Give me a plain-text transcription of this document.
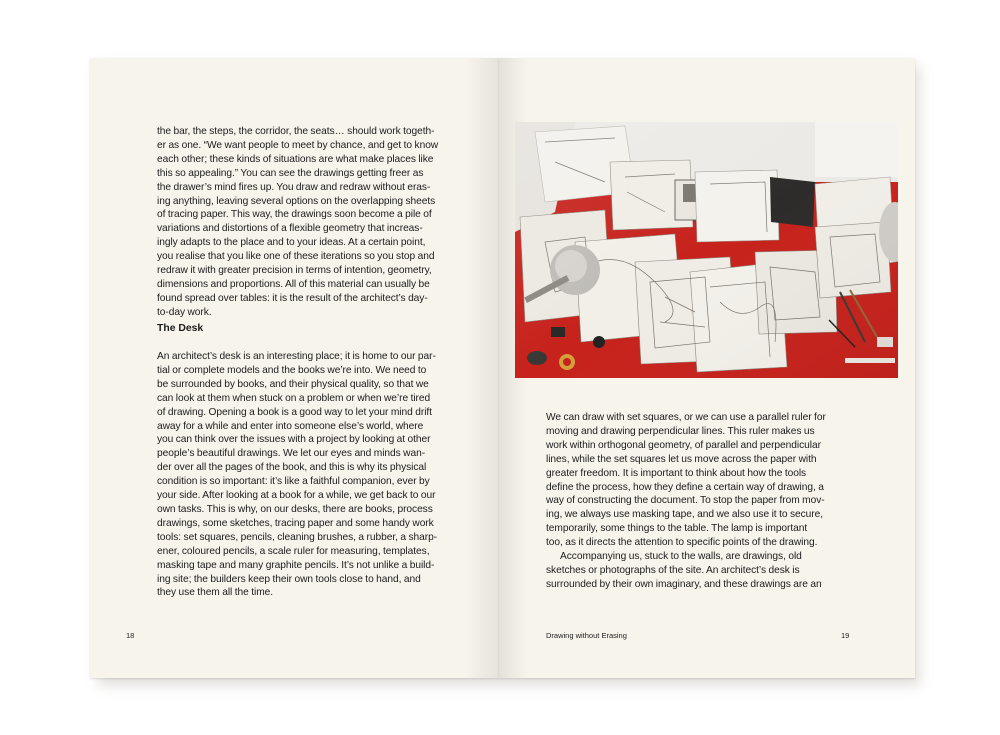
the bar, the steps, the corridor, the seats… should work togeth-
er as one. “We want people to meet by chance, and get to know
each other; these kinds of situations are what make places like
this so appealing.” You can see the drawings getting freer as
the drawer’s mind fires up. You draw and redraw without eras-
ing anything, leaving several options on the overlapping sheets
of tracing paper. This way, the drawings soon become a pile of
variations and distortions of a flexible geometry that increas-
ingly adapts to the place and to your ideas. At a certain point,
you realise that you like one of these iterations so you stop and
redraw it with greater precision in terms of intention, geometry,
dimensions and proportions. All of this material can usually be
found spread over tables: it is the result of the architect’s day-
to-day work.

The Desk

An architect’s desk is an interesting place; it is home to our par-
tial or complete models and the books we’re into. We need to
be surrounded by books, and their physical quality, so that we
can look at them when stuck on a problem or when we’re tired
of drawing. Opening a book is a good way to let your mind drift
away for a while and enter into someone else’s world, where
you can think over the issues with a project by looking at other
people’s beautiful drawings. We let our eyes and minds wan-
der over all the pages of the book, and this is why its physical
condition is so important: it’s like a faithful companion, ever by
your side. After looking at a book for a while, we get back to our
own tasks. This is why, on our desks, there are books, process
drawings, some sketches, tracing paper and some handy work
tools: set squares, pencils, cleaning brushes, a rubber, a sharp-
ener, coloured pencils, a scale ruler for measuring, templates,
masking tape and many graphite pencils. It’s not unlike a build-
ing site; the builders keep their own tools close to hand, and
they use them all the time.

18

We can draw with set squares, or we can use a parallel ruler for
moving and drawing perpendicular lines. This ruler makes us
work within orthogonal geometry, of parallel and perpendicular
lines, while the set squares let us move across the paper with
greater freedom. It is important to think about how the tools
define the process, how they define a certain way of drawing, a
way of constructing the document. To stop the paper from mov-
ing, we always use masking tape, and we also use it to secure,
temporarily, some things to the table. The lamp is important
too, as it directs the attention to specific points of the drawing.

Accompanying us, stuck to the walls, are drawings, old
sketches or photographs of the site. An architect’s desk is
surrounded by their own imaginary, and these drawings are an

Drawing without Erasing	19
